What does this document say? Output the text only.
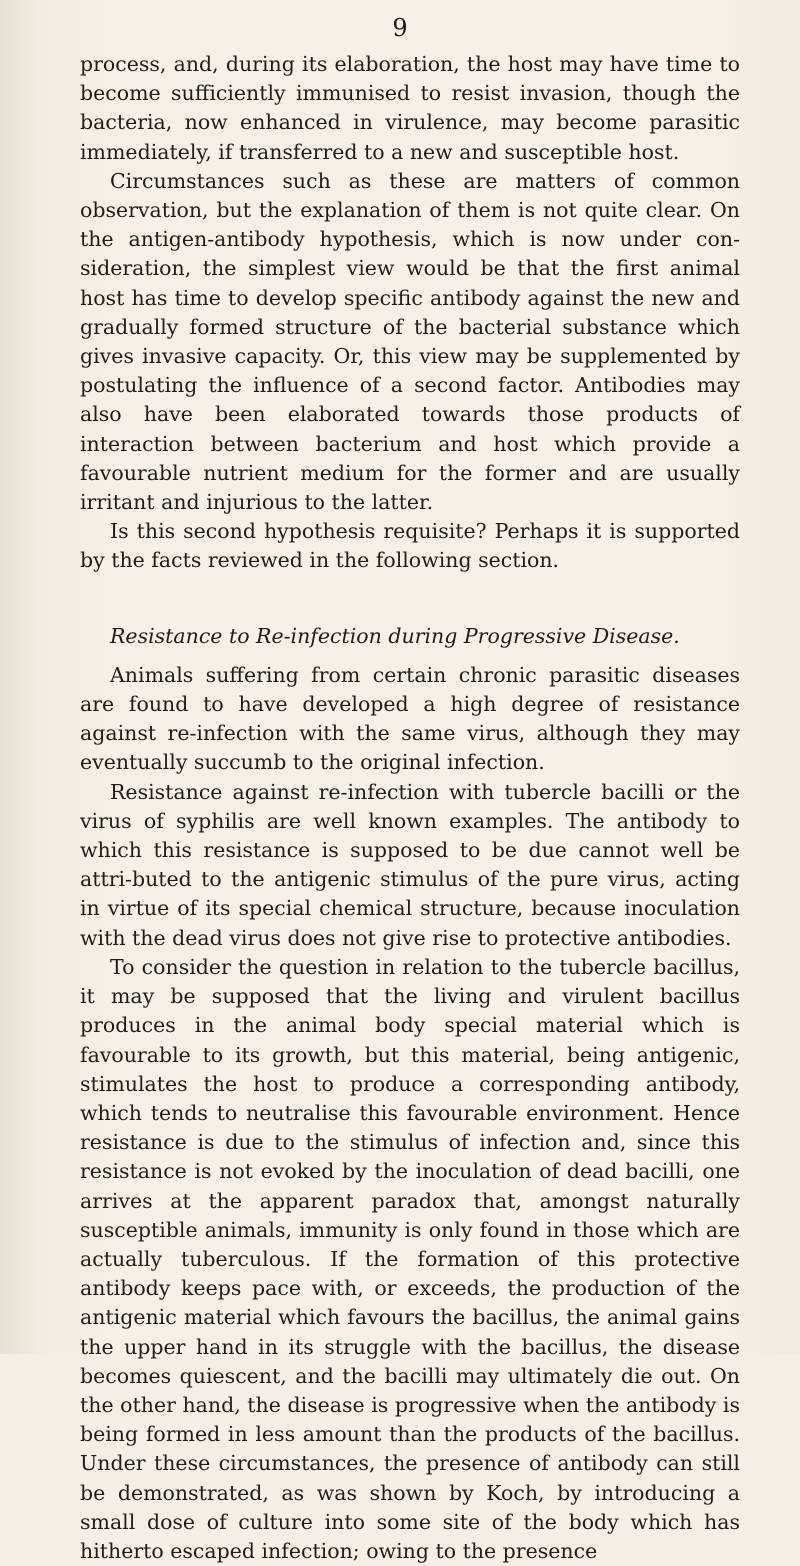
9

process, and, during its elaboration, the host may have time to become sufficiently immunised to resist invasion, though the bacteria, now enhanced in virulence, may become parasitic immediately, if transferred to a new and susceptible host.

Circumstances such as these are matters of common observation, but the explanation of them is not quite clear. On the antigen-antibody hypothesis, which is now under con-sideration, the simplest view would be that the first animal host has time to develop specific antibody against the new and gradually formed structure of the bacterial substance which gives invasive capacity. Or, this view may be supplemented by postulating the influence of a second factor. Antibodies may also have been elaborated towards those products of interaction between bacterium and host which provide a favourable nutrient medium for the former and are usually irritant and injurious to the latter.

Is this second hypothesis requisite? Perhaps it is supported by the facts reviewed in the following section.

Resistance to Re-infection during Progressive Disease.

Animals suffering from certain chronic parasitic diseases are found to have developed a high degree of resistance against re-infection with the same virus, although they may eventually succumb to the original infection.

Resistance against re-infection with tubercle bacilli or the virus of syphilis are well known examples. The antibody to which this resistance is supposed to be due cannot well be attri-buted to the antigenic stimulus of the pure virus, acting in virtue of its special chemical structure, because inoculation with the dead virus does not give rise to protective antibodies.

To consider the question in relation to the tubercle bacillus, it may be supposed that the living and virulent bacillus produces in the animal body special material which is favourable to its growth, but this material, being antigenic, stimulates the host to produce a corresponding antibody, which tends to neutralise this favourable environment. Hence resistance is due to the stimulus of infection and, since this resistance is not evoked by the inoculation of dead bacilli, one arrives at the apparent paradox that, amongst naturally susceptible animals, immunity is only found in those which are actually tuberculous. If the formation of this protective antibody keeps pace with, or exceeds, the production of the antigenic material which favours the bacillus, the animal gains the upper hand in its struggle with the bacillus, the disease becomes quiescent, and the bacilli may ultimately die out. On the other hand, the disease is progressive when the antibody is being formed in less amount than the products of the bacillus. Under these circumstances, the presence of antibody can still be demonstrated, as was shown by Koch, by introducing a small dose of culture into some site of the body which has hitherto escaped infection; owing to the presence
